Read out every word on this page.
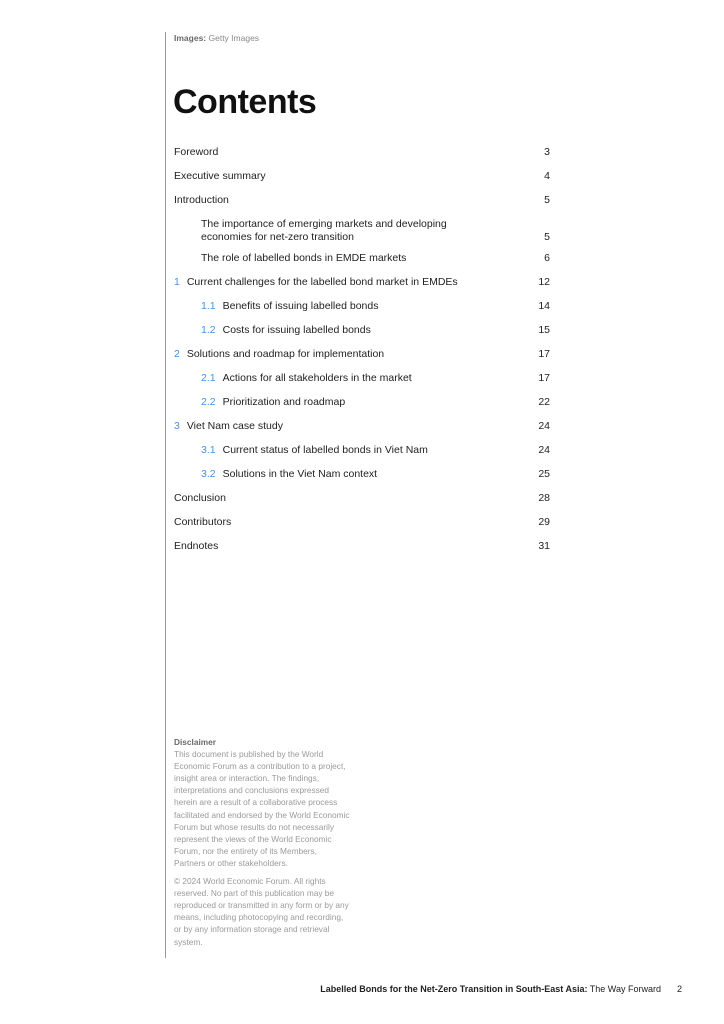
Images: Getty Images
Contents
Foreword	3
Executive summary	4
Introduction	5
The importance of emerging markets and developing economies for net-zero transition	5
The role of labelled bonds in EMDE markets	6
1 Current challenges for the labelled bond market in EMDEs	12
1.1 Benefits of issuing labelled bonds	14
1.2 Costs for issuing labelled bonds	15
2 Solutions and roadmap for implementation	17
2.1 Actions for all stakeholders in the market	17
2.2 Prioritization and roadmap	22
3 Viet Nam case study	24
3.1 Current status of labelled bonds in Viet Nam	24
3.2 Solutions in the Viet Nam context	25
Conclusion	28
Contributors	29
Endnotes	31
Disclaimer

This document is published by the World Economic Forum as a contribution to a project, insight area or interaction. The findings, interpretations and conclusions expressed herein are a result of a collaborative process facilitated and endorsed by the World Economic Forum but whose results do not necessarily represent the views of the World Economic Forum, nor the entirety of its Members, Partners or other stakeholders.

© 2024 World Economic Forum. All rights reserved. No part of this publication may be reproduced or transmitted in any form or by any means, including photocopying and recording, or by any information storage and retrieval system.

Labelled Bonds for the Net-Zero Transition in South-East Asia: The Way Forward 2
